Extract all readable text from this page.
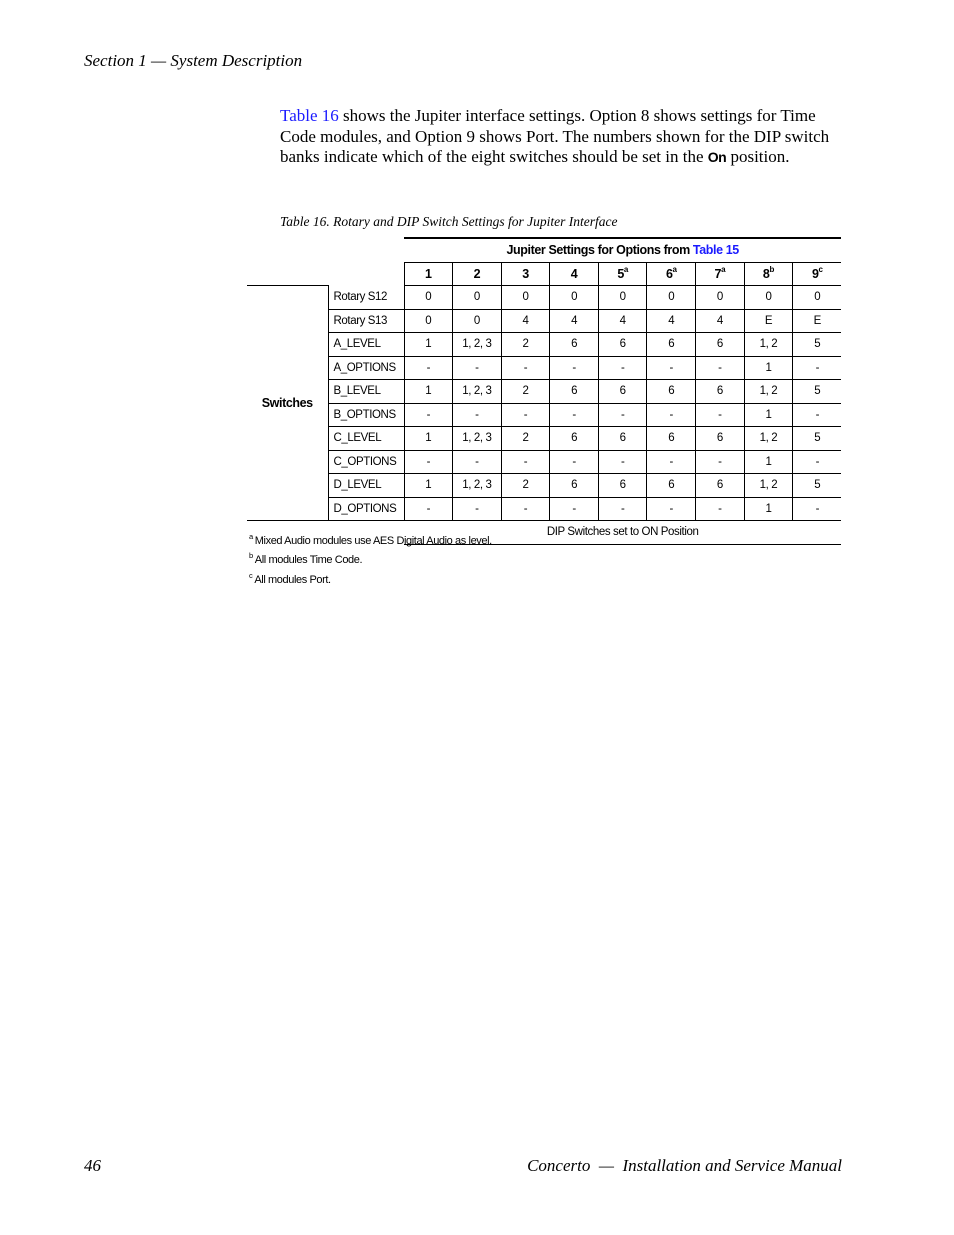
Section 1 — System Description
Table 16 shows the Jupiter interface settings. Option 8 shows settings for Time Code modules, and Option 9 shows Port. The numbers shown for the DIP switch banks indicate which of the eight switches should be set in the On position.
Table 16. Rotary and DIP Switch Settings for Jupiter Interface
		Jupiter Settings for Options from Table 15								
		1	2	3	4	5$^a$	6$^a$	7$^a$	8$^b$	9$^c$
Switches	Rotary S12	0	0	0	0	0	0	0	0	0
	Rotary S13	0	0	4	4	4	4	4	E	E
	A_LEVEL	1	1, 2, 3	2	6	6	6	6	1, 2	5
	A_OPTIONS	-	-	-	-	-	-	-	1	-
	B_LEVEL	1	1, 2, 3	2	6	6	6	6	1, 2	5
	B_OPTIONS	-	-	-	-	-	-	-	1	-
	C_LEVEL	1	1, 2, 3	2	6	6	6	6	1, 2	5
	C_OPTIONS	-	-	-	-	-	-	-	1	-
	D_LEVEL	1	1, 2, 3	2	6	6	6	6	1, 2	5
	D_OPTIONS	-	-	-	-	-	-	-	1	-
		DIP Switches set to ON Position								
$^a$ Mixed Audio modules use AES Digital Audio as level.
$^b$ All modules Time Code.
$^c$ All modules Port.
46	Concerto  —  Installation and Service Manual
